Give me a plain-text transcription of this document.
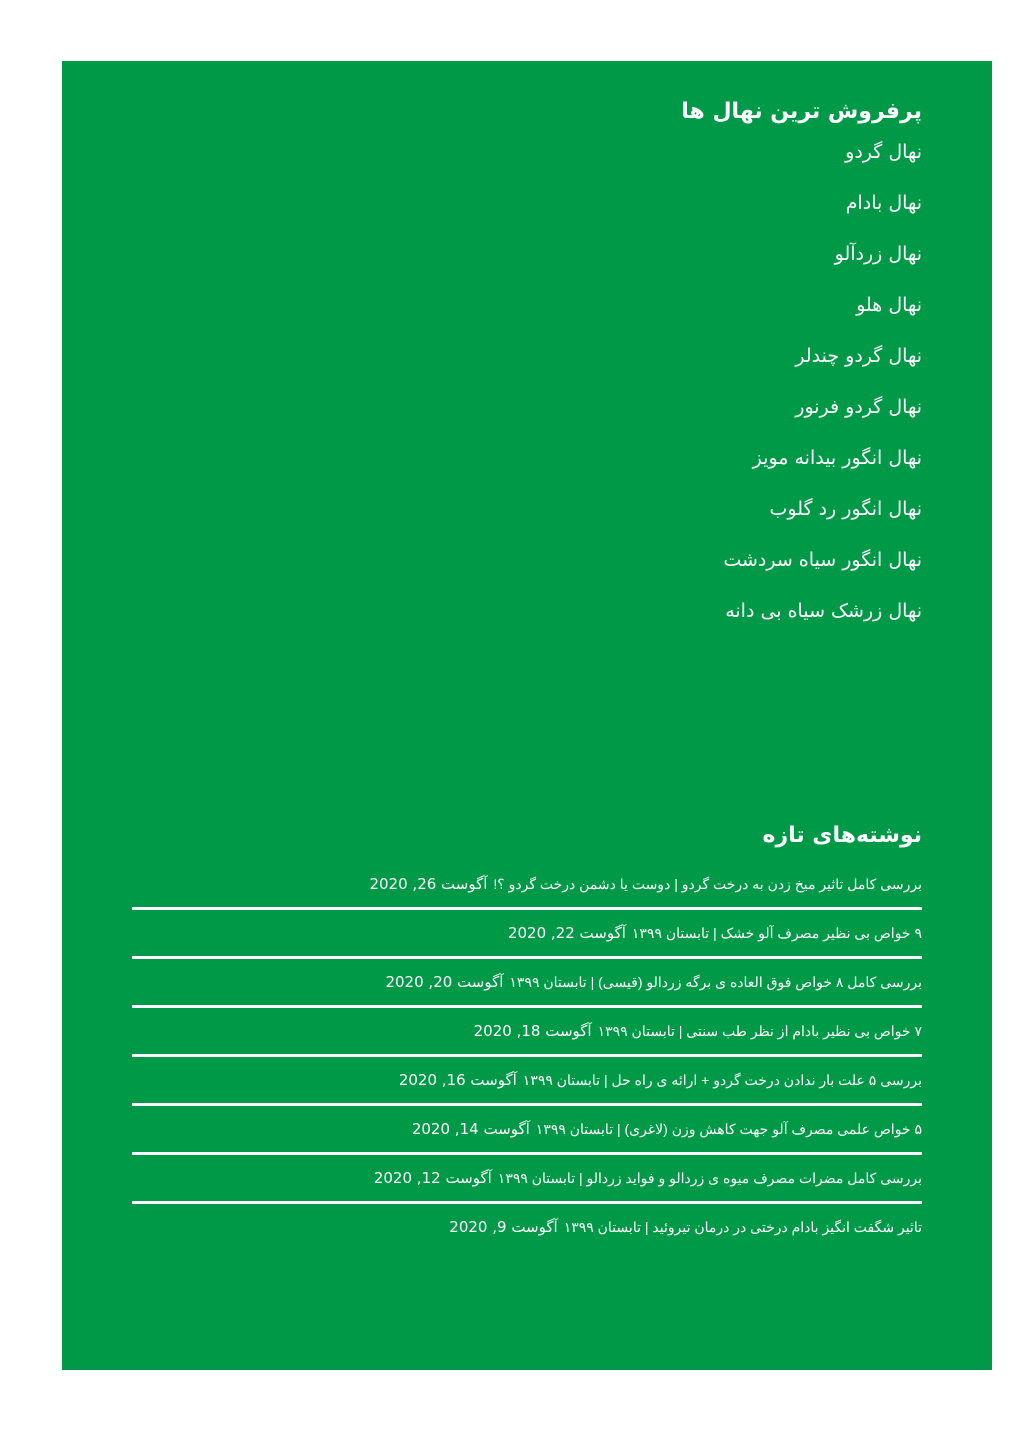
پرفروش ترین نهال ها
نهال گردو
نهال بادام
نهال زردآلو
نهال هلو
نهال گردو چندلر
نهال گردو فرنور
نهال انگور بیدانه مویز
نهال انگور رد گلوب
نهال انگور سیاه سردشت
نهال زرشک سیاه بی دانه
نوشته‌های تازه
بررسی کامل تاثیر میخ زدن به درخت گردو | دوست یا دشمن درخت گردو ؟!آگوست 26, 2020
۹ خواص بی نظیر مصرف آلو خشک | تابستان ۱۳۹۹آگوست 22, 2020
بررسی کامل ۸ خواص فوق العاده ی برگه زردالو (قیسی) | تابستان ۱۳۹۹آگوست 20, 2020
۷ خواص بی نظیر بادام از نظر طب سنتی | تابستان ۱۳۹۹آگوست 18, 2020
بررسی ۵ علت بار ندادن درخت گردو + ارائه ی راه حل | تابستان ۱۳۹۹آگوست 16, 2020
۵ خواص علمی مصرف آلو جهت کاهش وزن (لاغری) | تابستان ۱۳۹۹آگوست 14, 2020
بررسی کامل مضرات مصرف میوه ی زردالو و فواید زردالو | تابستان ۱۳۹۹آگوست 12, 2020
تاثیر شگفت انگیز بادام درختی در درمان تیروئید | تابستان ۱۳۹۹آگوست 9, 2020
